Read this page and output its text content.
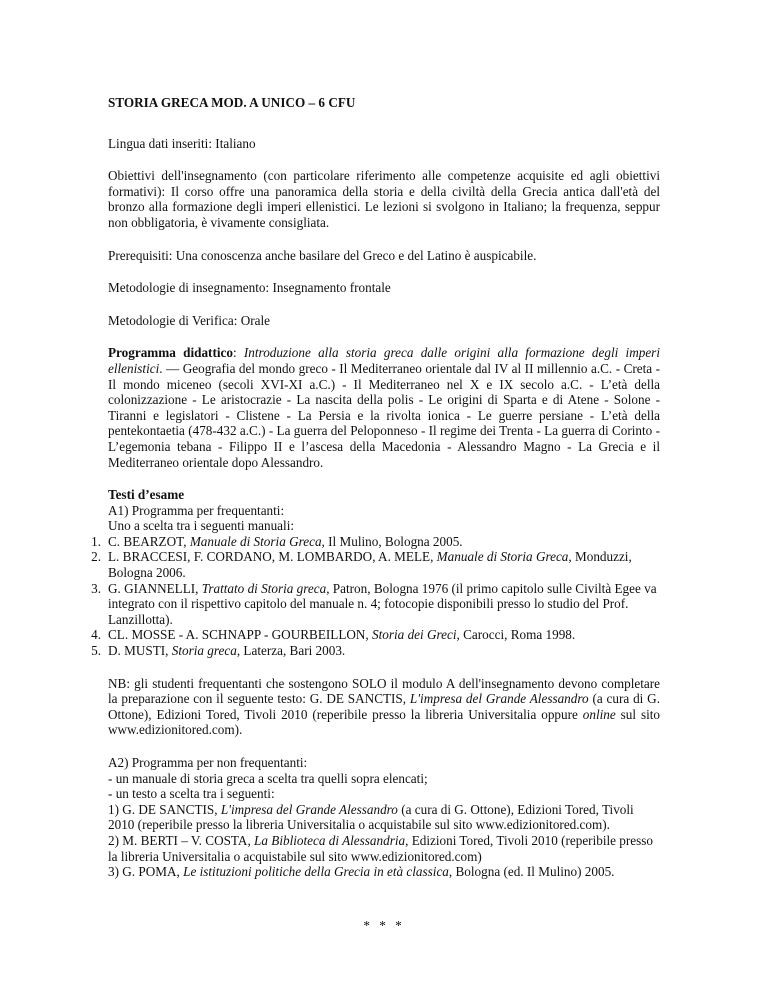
STORIA GRECA MOD. A UNICO – 6 CFU

Lingua dati inseriti: Italiano

Obiettivi dell'insegnamento (con particolare riferimento alle competenze acquisite ed agli obiettivi formativi): Il corso offre una panoramica della storia e della civiltà della Grecia antica dall'età del bronzo alla formazione degli imperi ellenistici. Le lezioni si svolgono in Italiano; la frequenza, seppur non obbligatoria, è vivamente consigliata.

Prerequisiti: Una conoscenza anche basilare del Greco e del Latino è auspicabile.

Metodologie di insegnamento: Insegnamento frontale

Metodologie di Verifica: Orale

Programma didattico: Introduzione alla storia greca dalle origini alla formazione degli imperi ellenistici. — Geografia del mondo greco - Il Mediterraneo orientale dal IV al II millennio a.C. - Creta - Il mondo miceneo (secoli XVI-XI a.C.) - Il Mediterraneo nel X e IX secolo a.C. - L’età della colonizzazione - Le aristocrazie - La nascita della polis - Le origini di Sparta e di Atene - Solone - Tiranni e legislatori - Clistene - La Persia e la rivolta ionica - Le guerre persiane - L’età della pentekontaetia (478-432 a.C.) - La guerra del Peloponneso - Il regime dei Trenta - La guerra di Corinto - L’egemonia tebana - Filippo II e l’ascesa della Macedonia - Alessandro Magno - La Grecia e il Mediterraneo orientale dopo Alessandro.

Testi d’esame
A1) Programma per frequentanti:
Uno a scelta tra i seguenti manuali:
1. C. BEARZOT, Manuale di Storia Greca, Il Mulino, Bologna 2005.
2. L. BRACCESI, F. CORDANO, M. LOMBARDO, A. MELE, Manuale di Storia Greca, Monduzzi, Bologna 2006.
3. G. GIANNELLI, Trattato di Storia greca, Patron, Bologna 1976 (il primo capitolo sulle Civiltà Egee va integrato con il rispettivo capitolo del manuale n. 4; fotocopie disponibili presso lo studio del Prof. Lanzillotta).
4. CL. MOSSE - A. SCHNAPP - GOURBEILLON, Storia dei Greci, Carocci, Roma 1998.
5. D. MUSTI, Storia greca, Laterza, Bari 2003.

NB: gli studenti frequentanti che sostengono SOLO il modulo A dell'insegnamento devono completare la preparazione con il seguente testo: G. DE SANCTIS, L'impresa del Grande Alessandro (a cura di G. Ottone), Edizioni Tored, Tivoli 2010 (reperibile presso la libreria Universitalia oppure online sul sito www.edizionitored.com).

A2) Programma per non frequentanti:
- un manuale di storia greca a scelta tra quelli sopra elencati;
- un testo a scelta tra i seguenti:
1) G. DE SANCTIS, L'impresa del Grande Alessandro (a cura di G. Ottone), Edizioni Tored, Tivoli 2010 (reperibile presso la libreria Universitalia o acquistabile sul sito www.edizionitored.com).
2) M. BERTI – V. COSTA, La Biblioteca di Alessandria, Edizioni Tored, Tivoli 2010 (reperibile presso la libreria Universitalia o acquistabile sul sito www.edizionitored.com)
3) G. POMA, Le istituzioni politiche della Grecia in età classica, Bologna (ed. Il Mulino) 2005.
* * *
